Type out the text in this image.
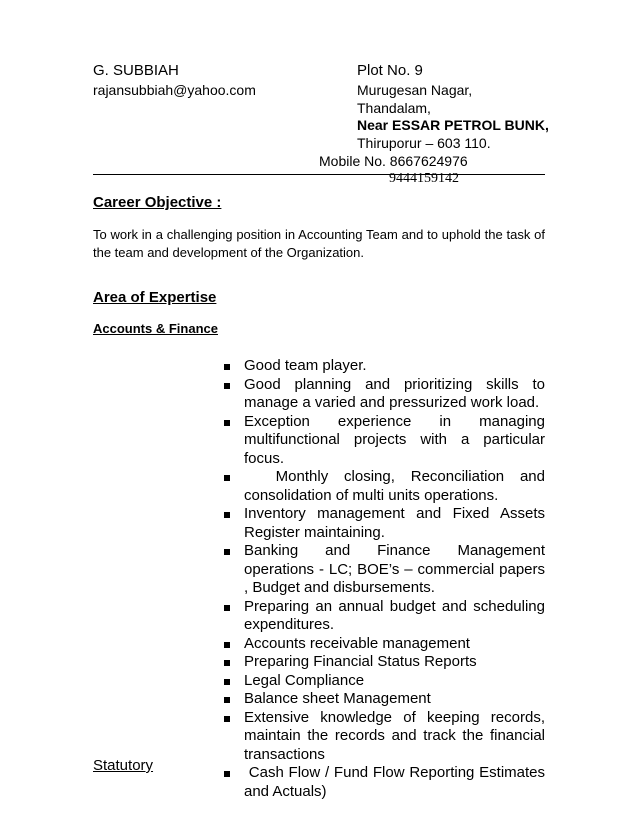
G. SUBBIAH
rajansubbiah@yahoo.com
Plot No. 9
Murugesan Nagar,
Thandalam,
Near ESSAR PETROL BUNK,
Thiruporur – 603 110.
Mobile No. 8667624976
9444159142
Career Objective :
To work in a challenging position in Accounting Team and to uphold the task of the team and development of the Organization.
Area of Expertise
Accounts & Finance
Good team player.
Good planning and prioritizing skills to manage a varied and pressurized work load.
Exception experience in managing multifunctional projects with a particular focus.
Monthly closing, Reconciliation and consolidation of multi units operations.
Inventory management and Fixed Assets Register maintaining.
Banking and Finance Management operations - LC; BOE’s – commercial papers , Budget and disbursements.
Preparing an annual budget and scheduling expenditures.
Accounts receivable management
Preparing Financial Status Reports
Legal Compliance
Balance sheet Management
Extensive knowledge of keeping records, maintain the records and track the financial transactions
Cash Flow / Fund Flow Reporting Estimates and Actuals)
Statutory
